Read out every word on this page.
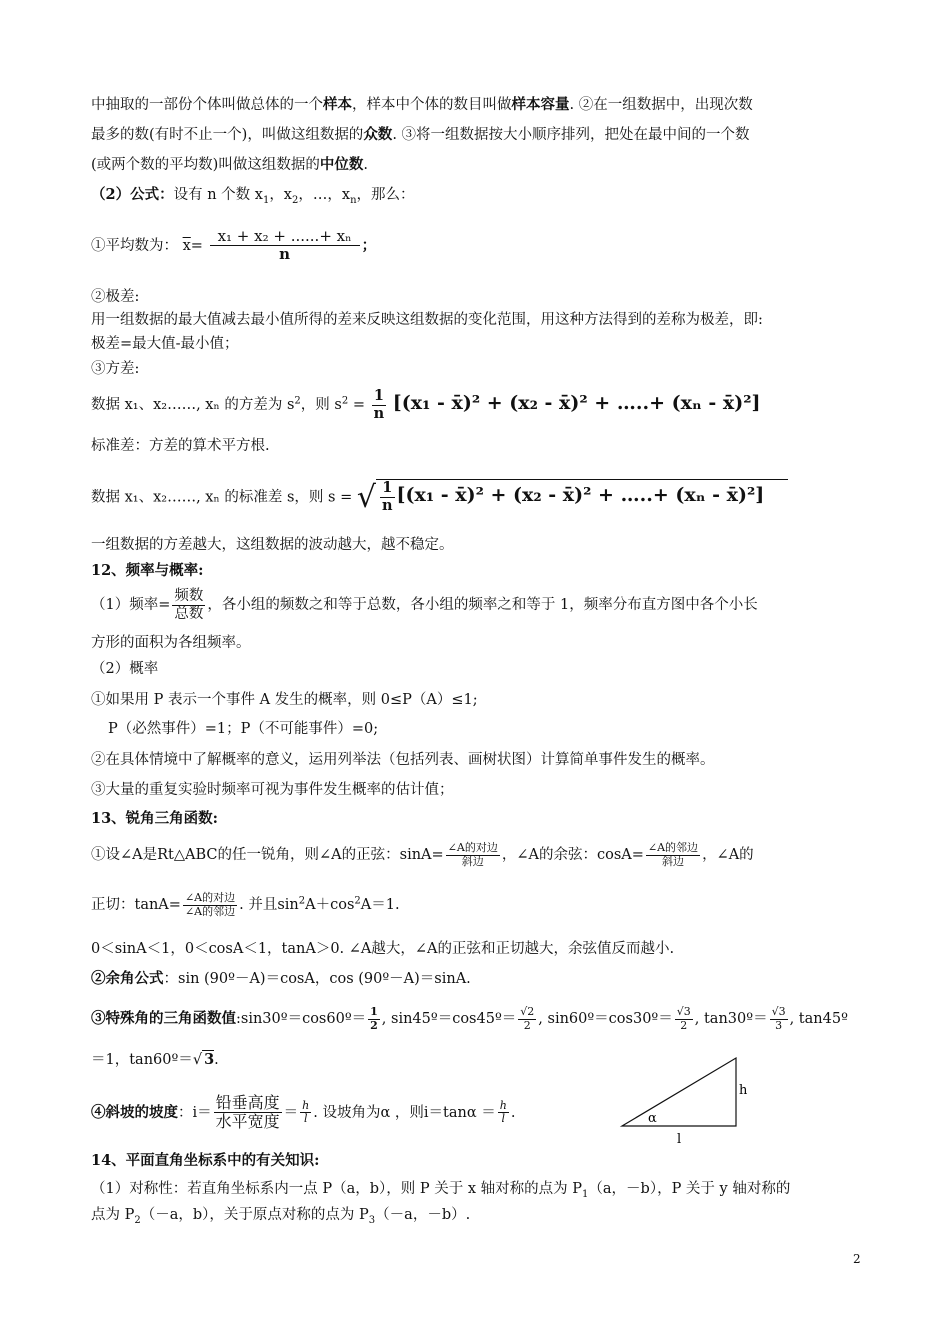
中抽取的一部份个体叫做总体的一个样本，样本中个体的数目叫做样本容量. ②在一组数据中，出现次数
最多的数(有时不止一个)，叫做这组数据的众数. ③将一组数据按大小顺序排列，把处在最中间的一个数
(或两个数的平均数)叫做这组数据的中位数.
（2）公式：设有 n 个数 $x_1$，$x_2$，…，$x_n$，那么：
①平均数为： $\overline{x}= \frac{\text{x₁ + x₂ + ......+ xₙ}}{n}$ ；
②极差:
用一组数据的最大值减去最小值所得的差来反映这组数据的变化范围，用这种方法得到的差称为极差，即:
极差=最大值-最小值；
③方差:
数据 x₁、x₂……, xₙ 的方差为 $s^2$，则 $s^2 = \frac{1}{n} [(x_1$ - x̄)² + (x₂ - x̄)² + …..+ (xₙ - x̄)²]
标准差：方差的算术平方根.
数据 x₁、x₂……, xₙ 的标准差 s，则 s = √ $\frac{1}{n} [(x_1$ - x̄)² + (x₂ - x̄)² + …..+ (xₙ - x̄)²]
一组数据的方差越大，这组数据的波动越大，越不稳定。
12、频率与概率:
（1）频率= $\frac{\text{频数}}{\text{总数}}$ ，各小组的频数之和等于总数，各小组的频率之和等于 1，频率分布直方图中各个小长
方形的面积为各组频率。
（2）概率
①如果用 P 表示一个事件 A 发生的概率，则 0≤P（A）≤1;
P（必然事件）=1；P（不可能事件）=0;
②在具体情境中了解概率的意义，运用列举法（包括列表、画树状图）计算简单事件发生的概率。
③大量的重复实验时频率可视为事件发生概率的估计值；
13、锐角三角函数:
①设∠A是Rt△ABC的任一锐角，则∠A的正弦：$\sin A= \frac{\text{∠A的对边}}{\text{斜边}}$ ，∠A的余弦：$\cos A= \frac{\text{∠A的邻边}}{\text{斜边}}$ ，∠A的
正切：$\tan A= \frac{\text{∠A的对边}}{\text{∠A的邻边}}$ . 并且$\sin^2A+\cos^2A=1$.
0＜sinA＜1，0＜cosA＜1，tanA＞0. ∠A越大，∠A的正弦和正切越大，余弦值反而越小.
②余角公式：sin (90º－A)＝cosA，cos (90º－A)＝sinA.
③特殊角的三角函数值:sin30º＝cos60º＝ $\frac{1}{2}$ , sin45º＝cos45º＝ $\frac{√2}{2}$ , sin60º＝cos30º＝ $\frac{√3}{2}$ , tan30º＝ $\frac{√3}{3}$ , tan45º
＝1，tan60º＝√ 3.
④斜坡的坡度：$i= \frac{\text{铅垂高度}}{\text{水平宽度}} = \frac{h}{l}$ . 设坡角为α ，则$i=\tan\alpha = \frac{h}{l}$ .
h
α
l
14、平面直角坐标系中的有关知识:
（1）对称性：若直角坐标系内一点 P（a，b），则 P 关于 x 轴对称的点为 $P_1(a$，－b），P 关于 y 轴对称的
点为 $P_2(-a$，b），关于原点对称的点为 $P_3(-a$，－b）.
2
